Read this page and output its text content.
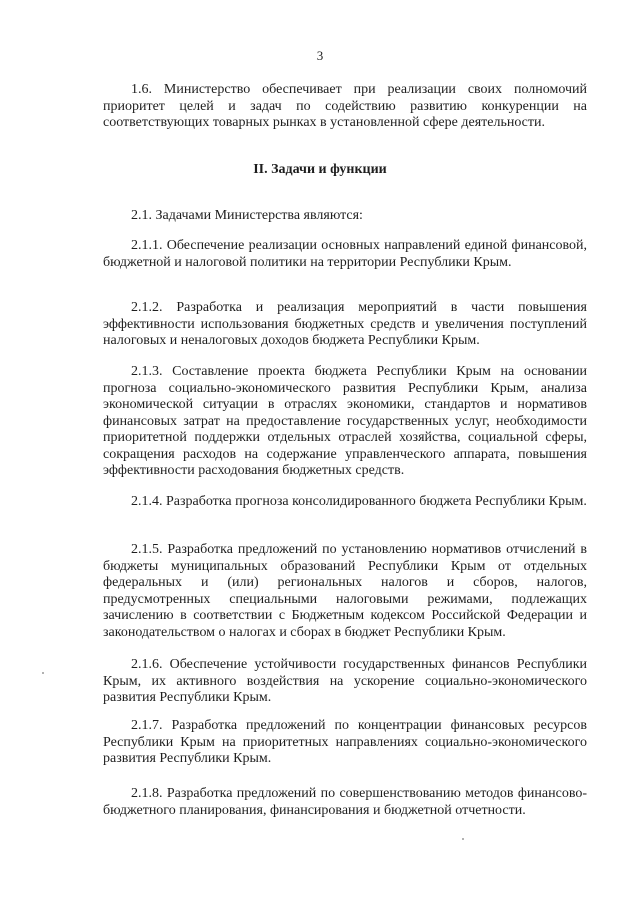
3

1.6. Министерство обеспечивает при реализации своих полномочий приоритет целей и задач по содействию развитию конкуренции на соответствующих товарных рынках в установленной сфере деятельности.

II. Задачи и функции

2.1. Задачами Министерства являются:

2.1.1. Обеспечение реализации основных направлений единой финансовой, бюджетной и налоговой политики на территории Республики Крым.

2.1.2. Разработка и реализация мероприятий в части повышения эффективности использования бюджетных средств и увеличения поступлений налоговых и неналоговых доходов бюджета Республики Крым.

2.1.3. Составление проекта бюджета Республики Крым на основании прогноза социально-экономического развития Республики Крым, анализа экономической ситуации в отраслях экономики, стандартов и нормативов финансовых затрат на предоставление государственных услуг, необходимости приоритетной поддержки отдельных отраслей хозяйства, социальной сферы, сокращения расходов на содержание управленческого аппарата, повышения эффективности расходования бюджетных средств.

2.1.4. Разработка прогноза консолидированного бюджета Республики Крым.

2.1.5. Разработка предложений по установлению нормативов отчислений в бюджеты муниципальных образований Республики Крым от отдельных федеральных и (или) региональных налогов и сборов, налогов, предусмотренных специальными налоговыми режимами, подлежащих зачислению в соответствии с Бюджетным кодексом Российской Федерации и законодательством о налогах и сборах в бюджет Республики Крым.

2.1.6. Обеспечение устойчивости государственных финансов Республики Крым, их активного воздействия на ускорение социально-экономического развития Республики Крым.

2.1.7. Разработка предложений по концентрации финансовых ресурсов Республики Крым на приоритетных направлениях социально-экономического развития Республики Крым.

2.1.8. Разработка предложений по совершенствованию методов финансово-бюджетного планирования, финансирования и бюджетной отчетности.
